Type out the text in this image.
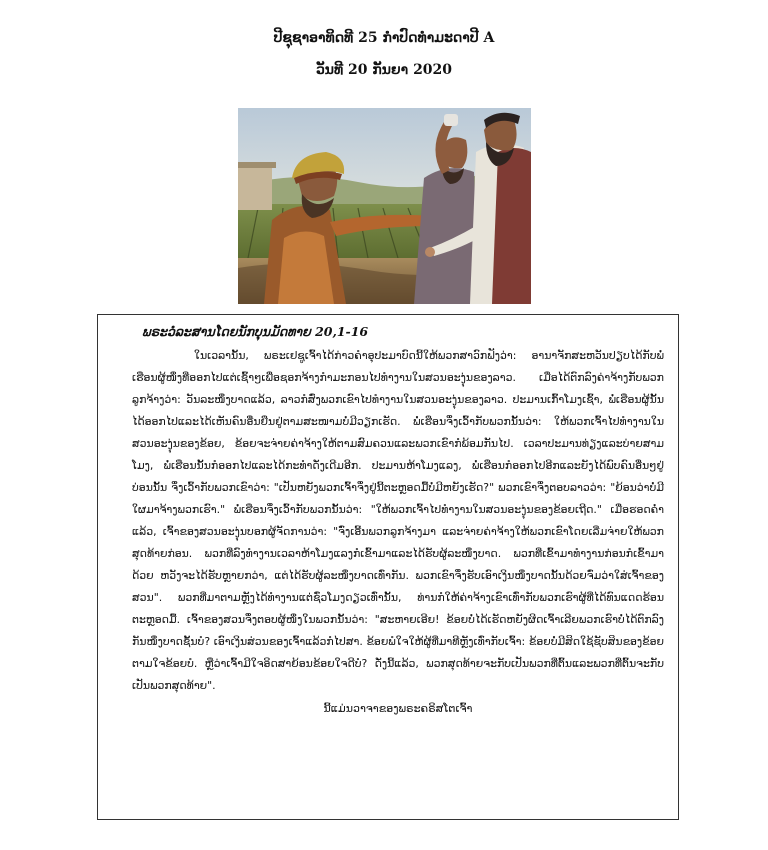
ປີຊຸຊາອາທິດທີ 25 ກໍາປົດທໍາມະດາປີ A
ວັນທີ 20 ກັນຍາ 2020
ພຣະວໍລະສານໂດຍນັກບຸນມັດທາຍ 20,1-16

ໃນເວລານັ້ນ, ພຣະເຢຊູເຈົ້າໄດ້ກ່າວຄໍາອຸປະມາບົດນີ້ໃຫ້ພວກສາວົກຟັງວ່າ: ອານາຈັກສະຫວັນປຽບໄດ້ກັບພໍ່ເຮືອນຜູ້ໜຶ່ງທີ່ອອກໄປແຕ່ເຊົ້າໆເພື່ອຊອກຈ້າງກໍາມະກອນໄປທໍາງານໃນສວນອະງຸ່ນຂອງລາວ. ເມື່ອໄດ້ຕົກລົງຄ່າຈ້າງກັບພວກລູກຈ້າງວ່າ: ວັນລະໜຶ່ງບາດແລ້ວ, ລາວກໍສົ່ງພວກເຂົາໄປທໍາງານໃນສວນອະງຸ່ນຂອງລາວ. ປະມານເກົ້າໂມງເຊົ້າ, ພໍ່ເຮືອນຜູ້ນັ້ນໄດ້ອອກໄປແລະໄດ້ເຫັນຄົນອື່ນຍືນຢູ່ຕາມສະໜາມບໍ່ມີວຽກເຮັດ. ພໍ່ເຮືອນຈຶ່ງເວົ້າກັບພວກນັ້ນວ່າ: ໃຫ້ພວກເຈົ້າໄປທໍາງານໃນສວນອະງຸ່ນຂອງຂ້ອຍ, ຂ້ອຍຈະຈ່າຍຄ່າຈ້າງໃຫ້ຕາມສົມຄວນແລະພວກເຂົາກໍພ້ອມກັນໄປ. ເວລາປະມານທ່ຽງແລະບ່າຍສາມໂມງ, ພໍ່ເຮືອນນັ້ນກໍອອກໄປແລະໄດ້ກະທໍາດັ່ງເດີມອີກ. ປະມານຫ້າໂມງແລງ, ພໍ່ເຮືອນກໍອອກໄປອີກແລະຍັງໄດ້ພົບຄົນອື່ນໆຢູ່ບ່ອນນັ້ນ ຈຶ່ງເວົ້າກັບພວກເຂົາວ່າ: "ເປັນຫຍັງພວກເຈົ້າຈຶ່ງຢູ່ນີ້ຕະຫຼອດມື້ບໍ່ມີຫຍັງເຮັດ?" ພວກເຂົາຈຶ່ງຕອບລາວວ່າ: "ຍ້ອນວ່າບໍ່ມີໃຜມາຈ້າງພວກເຮົາ." ພໍ່ເຮືອນຈຶ່ງເວົ້າກັບພວກນັ້ນວ່າ: "ໃຫ້ພວກເຈົ້າໄປທໍາງານໃນສວນອະງຸ່ນຂອງຂ້ອຍເຖີດ." ເມື່ອຮອດຄໍ່າແລ້ວ, ເຈົ້າຂອງສວນອະງຸ່ນບອກຜູ້ຈັດການວ່າ: "ຈົ່ງເອີ້ນພວກລູກຈ້າງມາ ແລະຈ່າຍຄ່າຈ້າງໃຫ້ພວກເຂົາໂດຍເລີ່ມຈ່າຍໃຫ້ພວກສຸດທ້າຍກ່ອນ. ພວກທີ່ລົງທໍາງານເວລາຫ້າໂມງແລງກໍເຂົ້າມາແລະໄດ້ຮັບຜູ້ລະໜຶ່ງບາດ. ພວກທີ່ເຂົ້າມາທໍາງານກ່ອນກໍເຂົ້າມາດ້ວຍ ຫວັງຈະໄດ້ຮັບຫຼາຍກວ່າ, ແຕ່ໄດ້ຮັບຜູ້ລະໜຶ່ງບາດເທົ່າກັນ. ພວກເຂົາຈຶ່ງຮັບເອົາເງິນໜຶ່ງບາດນັ້ນດ້ວຍຈົ່ມວ່າໃສ່ເຈົ້າຂອງສວນ". ພວກທີ່ມາຕາມຫຼັງໄດ້ທໍາງານແຕ່ຊົ່ວໂມງດຽວເທົ່ານັ້ນ, ທ່ານກໍໃຫ້ຄ່າຈ້າງເຂົາເທົ່າກັບພວກເຮົາຜູ້ທີ່ໄດ້ທົນແດດຮ້ອນຕະຫຼອດມື້. ເຈົ້າຂອງສວນຈຶ່ງຕອບຜູ້ໜຶ່ງໃນພວກນັ້ນວ່າ: "ສະຫາຍເອີຍ! ຂ້ອຍບໍ່ໄດ້ເຮັດຫຍັງຜິດເຈົ້າເລີຍພວກເຮົາບໍ່ໄດ້ຕົກລົງກັນໜຶ່ງບາດຊັ້ນບໍ? ເອົາເງິນສ່ວນຂອງເຈົ້າແລ້ວກໍໄປສາ. ຂ້ອຍພໍໃຈໃຫ້ຜູ້ທີ່ມາທີຫຼັງເທົ່າກັບເຈົ້າ: ຂ້ອຍບໍ່ມີສິດໃຊ້ຊັບສິນຂອງຂ້ອຍຕາມໃຈຂ້ອຍບໍ. ຫຼືວ່າເຈົ້າມີໃຈອິດສາຍ້ອນຂ້ອຍໃຈດີບໍ? ດັ່ງນີ້ແລ້ວ, ພວກສຸດທ້າຍຈະກັບເປັນພວກທີ່ຕົ້ນແລະພວກທີ່ຕົ້ນຈະກັບເປັນພວກສຸດທ້າຍ".

ນີ້ແມ່ນວາຈາຂອງພຣະຄຣິສໂຕເຈົ້າ
